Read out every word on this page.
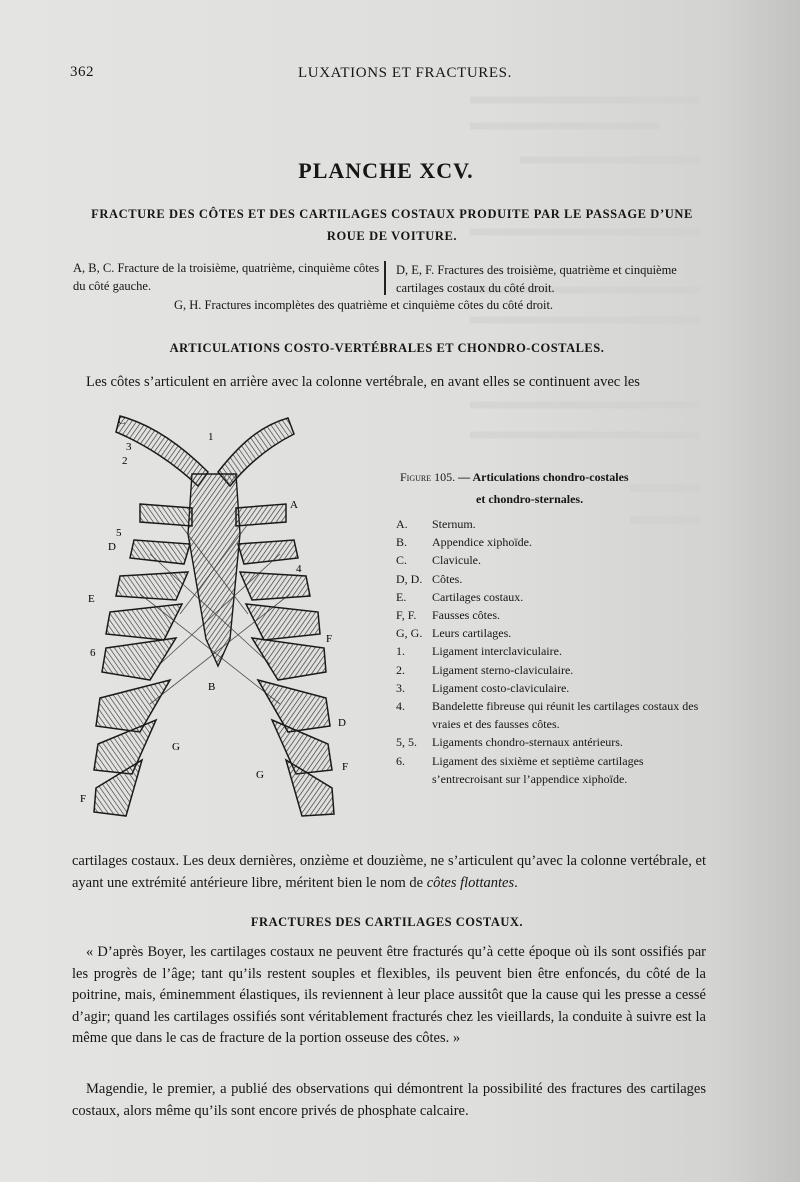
362	LUXATIONS ET FRACTURES.
PLANCHE XCV.
FRACTURE DES CÔTES ET DES CARTILAGES COSTAUX PRODUITE PAR LE PASSAGE D’UNE ROUE DE VOITURE.
A, B, C. Fracture de la troisième, quatrième, cinquième côtes du côté gauche.
D, E, F. Fractures des troisième, quatrième et cinquième cartilages costaux du côté droit.
G, H. Fractures incomplètes des quatrième et cinquième côtes du côté droit.
ARTICULATIONS COSTO-VERTÉBRALES ET CHONDRO-COSTALES.
Les côtes s’articulent en arrière avec la colonne vertébrale, en avant elles se continuent avec les
C
3
2
1
A
5
D
4
E
F
6
B
D
G
G
F
F
Figure 105. — Articulations chondro-costales
et chondro-sternales.
A.	Sternum.
B.	Appendice xiphoïde.
C.	Clavicule.
D, D. Côtes.
E.	Cartilages costaux.
F, F.	Fausses côtes.
G, G. Leurs cartilages.
1.	Ligament interclaviculaire.
2.	Ligament sterno-claviculaire.
3.	Ligament costo-claviculaire.
4.	Bandelette fibreuse qui réunit les cartilages costaux des vraies et des fausses côtes.
5, 5.	Ligaments chondro-sternaux antérieurs.
6.	Ligament des sixième et septième cartilages s’entrecroisant sur l’appendice xiphoïde.
cartilages costaux. Les deux dernières, onzième et douzième, ne s’articulent qu’avec la colonne vertébrale, et ayant une extrémité antérieure libre, méritent bien le nom de côtes flottantes.
FRACTURES DES CARTILAGES COSTAUX.
« D’après Boyer, les cartilages costaux ne peuvent être fracturés qu’à cette époque où ils sont ossifiés par les progrès de l’âge; tant qu’ils restent souples et flexibles, ils peuvent bien être enfoncés, du côté de la poitrine, mais, éminemment élastiques, ils reviennent à leur place aussitôt que la cause qui les presse a cessé d’agir; quand les cartilages ossifiés sont véritablement fracturés chez les vieillards, la conduite à suivre est la même que dans le cas de fracture de la portion osseuse des côtes. »
Magendie, le premier, a publié des observations qui démontrent la possibilité des fractures des cartilages costaux, alors même qu’ils sont encore privés de phosphate calcaire.
